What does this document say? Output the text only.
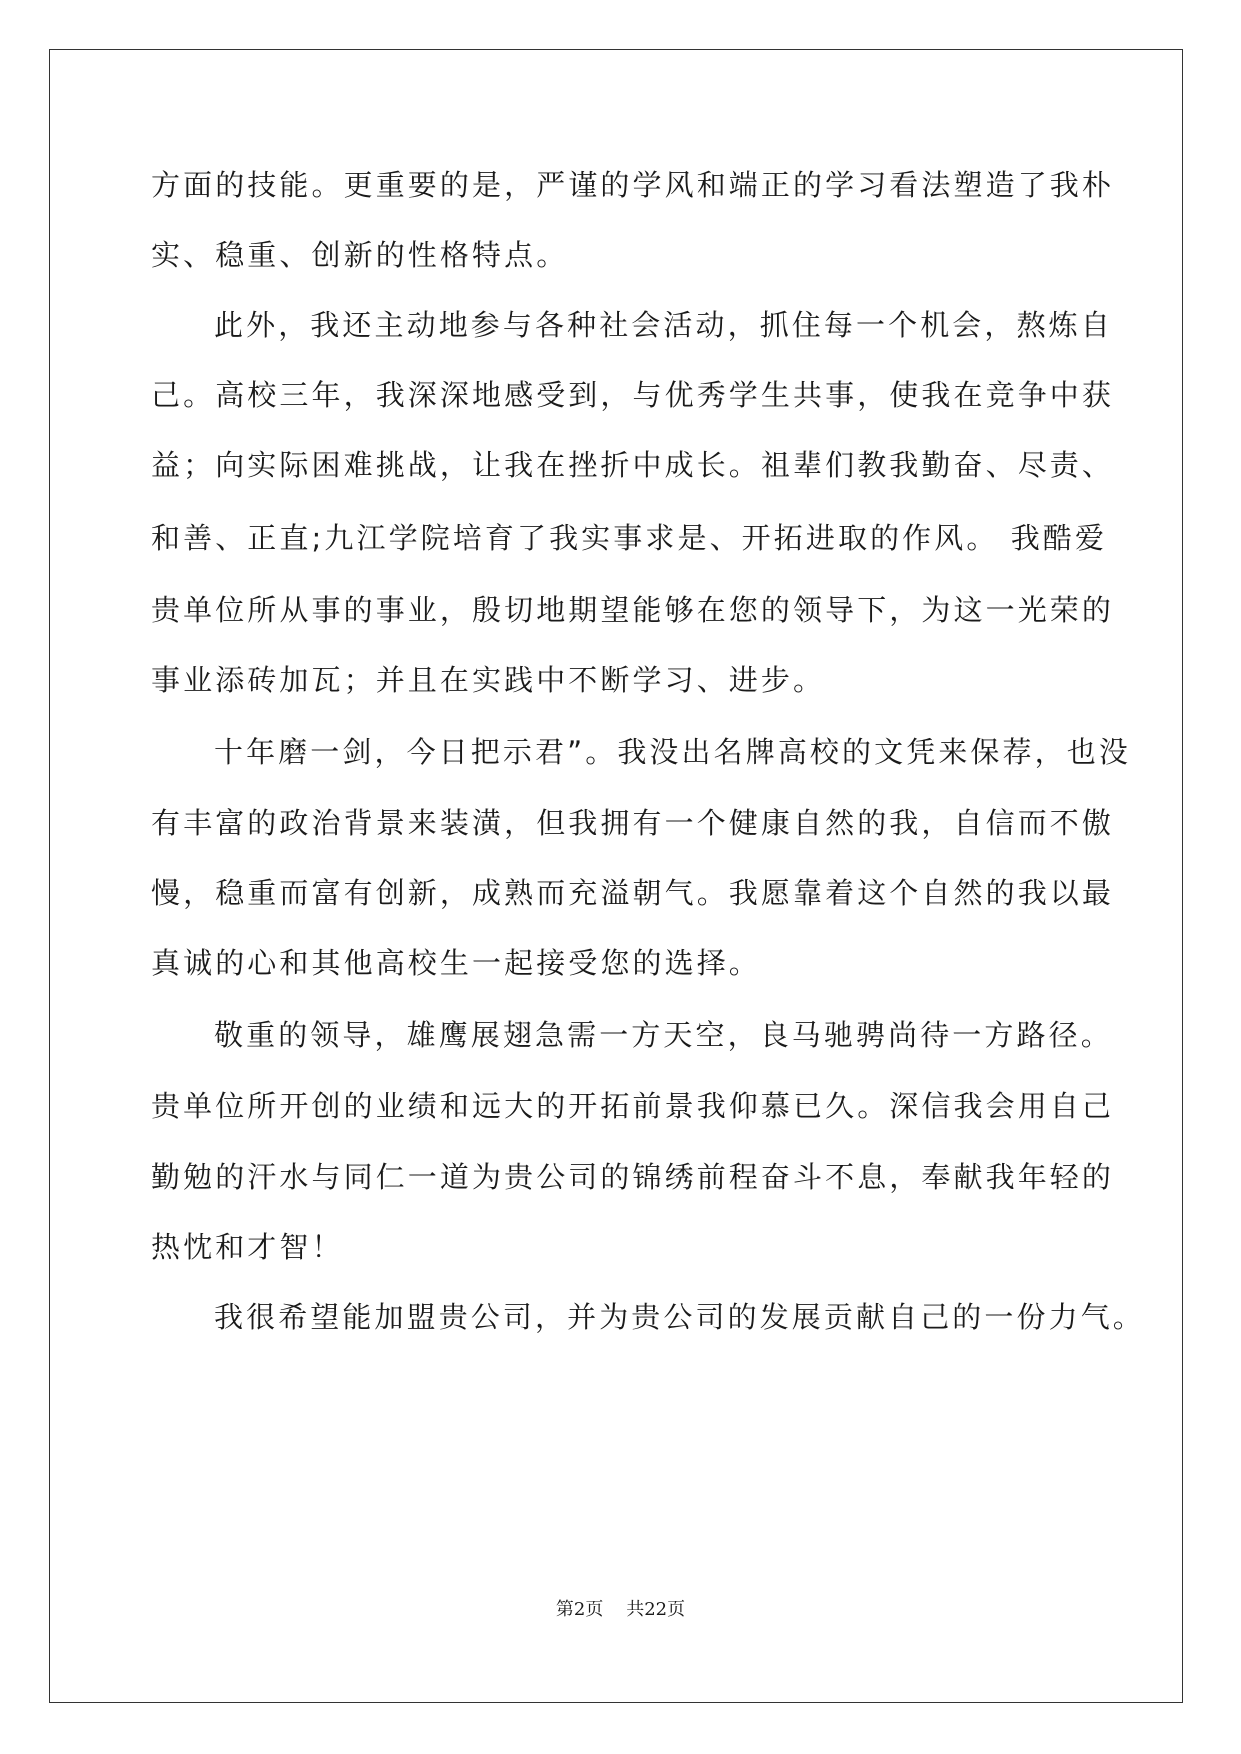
方面的技能。更重要的是，严谨的学风和端正的学习看法塑造了我朴
实、稳重、创新的性格特点。
此外，我还主动地参与各种社会活动，抓住每一个机会，熬炼自
己。高校三年，我深深地感受到，与优秀学生共事，使我在竞争中获
益；向实际困难挑战，让我在挫折中成长。祖辈们教我勤奋、尽责、
和善、正直;九江学院培育了我实事求是、开拓进取的作风。 我酷爱
贵单位所从事的事业，殷切地期望能够在您的领导下，为这一光荣的
事业添砖加瓦；并且在实践中不断学习、进步。
十年磨一剑，今日把示君”。我没出名牌高校的文凭来保荐，也没
有丰富的政治背景来装潢，但我拥有一个健康自然的我，自信而不傲
慢，稳重而富有创新，成熟而充溢朝气。我愿靠着这个自然的我以最
真诚的心和其他高校生一起接受您的选择。
敬重的领导，雄鹰展翅急需一方天空，良马驰骋尚待一方路径。
贵单位所开创的业绩和远大的开拓前景我仰慕已久。深信我会用自己
勤勉的汗水与同仁一道为贵公司的锦绣前程奋斗不息，奉献我年轻的
热忱和才智！
我很希望能加盟贵公司，并为贵公司的发展贡献自己的一份力气。
第2页 共22页
